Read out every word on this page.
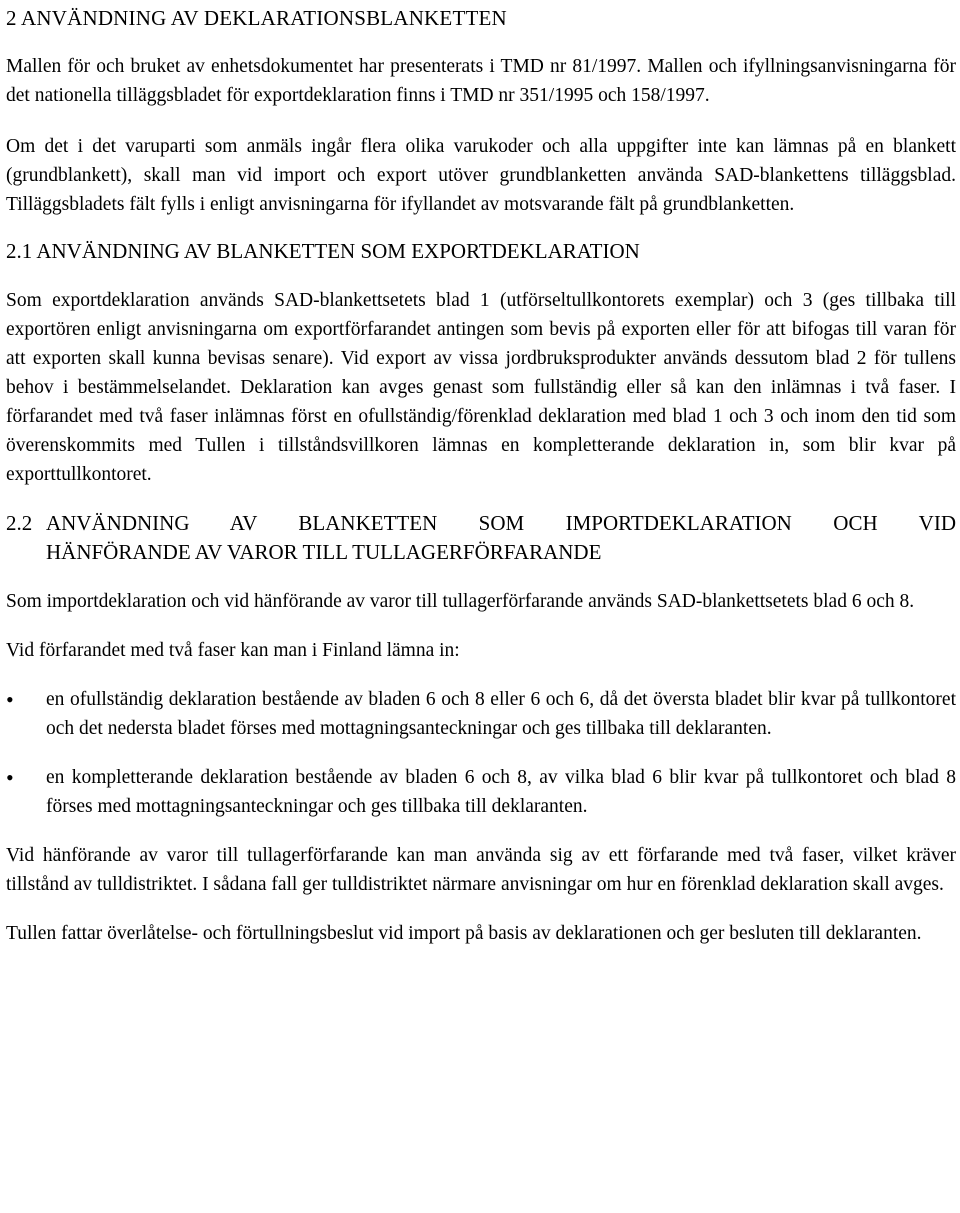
2 ANVÄNDNING AV DEKLARATIONSBLANKETTEN

Mallen för och bruket av enhetsdokumentet har presenterats i TMD nr 81/1997. Mallen och ifyllningsanvisningarna för det nationella tilläggsbladet för exportdeklaration finns i TMD nr 351/1995 och 158/1997.

Om det i det varuparti som anmäls ingår flera olika varukoder och alla uppgifter inte kan lämnas på en blankett (grundblankett), skall man vid import och export utöver grundblanketten använda SAD-blankettens tilläggsblad. Tilläggsbladets fält fylls i enligt anvisningarna för ifyllandet av motsvarande fält på grundblanketten.

2.1 ANVÄNDNING AV BLANKETTEN SOM EXPORTDEKLARATION

Som exportdeklaration används SAD-blankettsetets blad 1 (utförseltullkontorets exemplar) och 3 (ges tillbaka till exportören enligt anvisningarna om exportförfarandet antingen som bevis på exporten eller för att bifogas till varan för att exporten skall kunna bevisas senare). Vid export av vissa jordbruksprodukter används dessutom blad 2 för tullens behov i bestämmelselandet. Deklaration kan avges genast som fullständig eller så kan den inlämnas i två faser. I förfarandet med två faser inlämnas först en ofullständig/förenklad deklaration med blad 1 och 3 och inom den tid som överenskommits med Tullen i tillståndsvillkoren lämnas en kompletterande deklaration in, som blir kvar på exporttullkontoret.

2.2 ANVÄNDNING AV BLANKETTEN SOM IMPORTDEKLARATION OCH VID
HÄNFÖRANDE AV VAROR TILL TULLAGERFÖRFARANDE

Som importdeklaration och vid hänförande av varor till tullagerförfarande används SAD-blankettsetets blad 6 och 8.

Vid förfarandet med två faser kan man i Finland lämna in:

•	en ofullständig deklaration bestående av bladen 6 och 8 eller 6 och 6, då det översta bladet blir kvar på tullkontoret och det nedersta bladet förses med mottagningsanteckningar och ges tillbaka till deklaranten.

•	en kompletterande deklaration bestående av bladen 6 och 8, av vilka blad 6 blir kvar på tullkontoret och blad 8 förses med mottagningsanteckningar och ges tillbaka till deklaranten.

Vid hänförande av varor till tullagerförfarande kan man använda sig av ett förfarande med två faser, vilket kräver tillstånd av tulldistriktet. I sådana fall ger tulldistriktet närmare anvisningar om hur en förenklad deklaration skall avges.

Tullen fattar överlåtelse- och förtullningsbeslut vid import på basis av deklarationen och ger besluten till deklaranten.
